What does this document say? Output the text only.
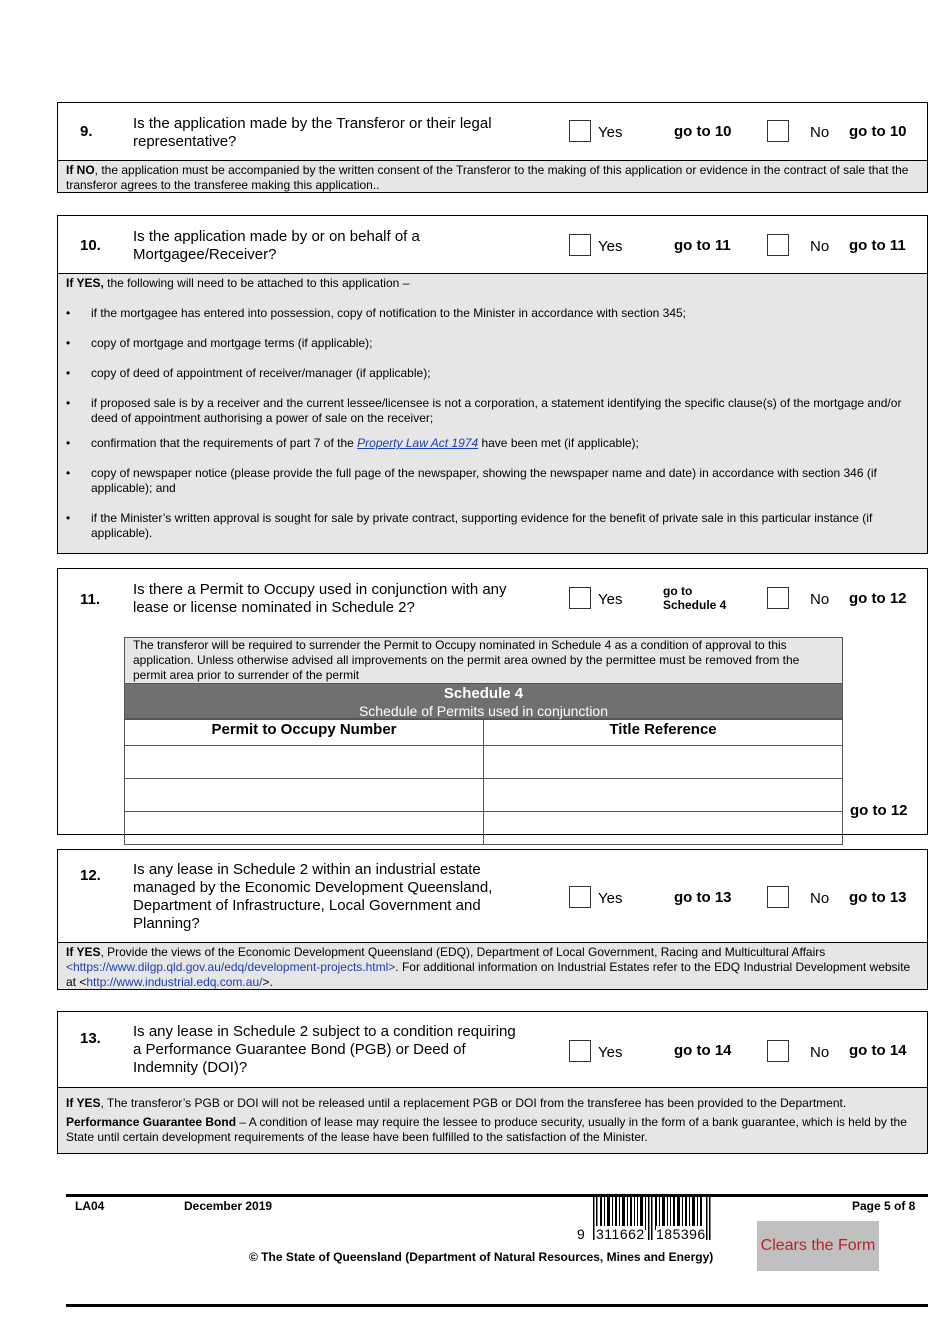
9.	Is the application made by the Transferor or their legal
representative?
Yes	go to 10	No go to 10
If NO, the application must be accompanied by the written consent of the Transferor to the making of this application or evidence in the contract of sale that the transferor agrees to the transferee making this application..
10.
Is the application made by or on behalf of a
Mortgagee/Receiver?	Yes	go to 11	No go to 11
If YES, the following will need to be attached to this application –
• if the mortgagee has entered into possession, copy of notification to the Minister in accordance with section 345;
• copy of mortgage and mortgage terms (if applicable);
• copy of deed of appointment of receiver/manager (if applicable);
• if proposed sale is by a receiver and the current lessee/licensee is not a corporation, a statement identifying the specific clause(s) of the mortgage and/or deed of appointment authorising a power of sale on the receiver;
• confirmation that the requirements of part 7 of the Property Law Act 1974 have been met (if applicable);
• copy of newspaper notice (please provide the full page of the newspaper, showing the newspaper name and date) in accordance with section 346 (if applicable); and
• if the Minister’s written approval is sought for sale by private contract, supporting evidence for the benefit of private sale in this particular instance (if applicable).
11.
Is there a Permit to Occupy used in conjunction with any
lease or license nominated in Schedule 2?	Yes	go to
Schedule 4	No go to 12
The transferor will be required to surrender the Permit to Occupy nominated in Schedule 4 as a condition of approval to this application. Unless otherwise advised all improvements on the permit area owned by the permittee must be removed from the permit area prior to surrender of the permit
Schedule 4
Schedule of Permits used in conjunction
Permit to Occupy Number	Title Reference

go to 12
12. Is any lease in Schedule 2 within an industrial estate
managed by the Economic Development Queensland,
Department of Infrastructure, Local Government and
Planning?
Yes	go to 13	No go to 13
If YES, Provide the views of the Economic Development Queensland (EDQ), Department of Local Government, Racing and Multicultural Affairs <https://www.dilgp.qld.gov.au/edq/development-projects.html>. For additional information on Industrial Estates refer to the EDQ Industrial Development website at <http://www.industrial.edq.com.au/>.
13. Is any lease in Schedule 2 subject to a condition requiring
a Performance Guarantee Bond (PGB) or Deed of
Indemnity (DOI)?
Yes	go to 14	No go to 14
If YES, The transferor’s PGB or DOI will not be released until a replacement PGB or DOI from the transferee has been provided to the Department.
Performance Guarantee Bond – A condition of lease may require the lessee to produce security, usually in the form of a bank guarantee, which is held by the State until certain development requirements of the lease have been fulfilled to the satisfaction of the Minister.
LA04	December 2019	Page 5 of 8
9 311662 185396
© The State of Queensland (Department of Natural Resources, Mines and Energy)
Clears the Form
